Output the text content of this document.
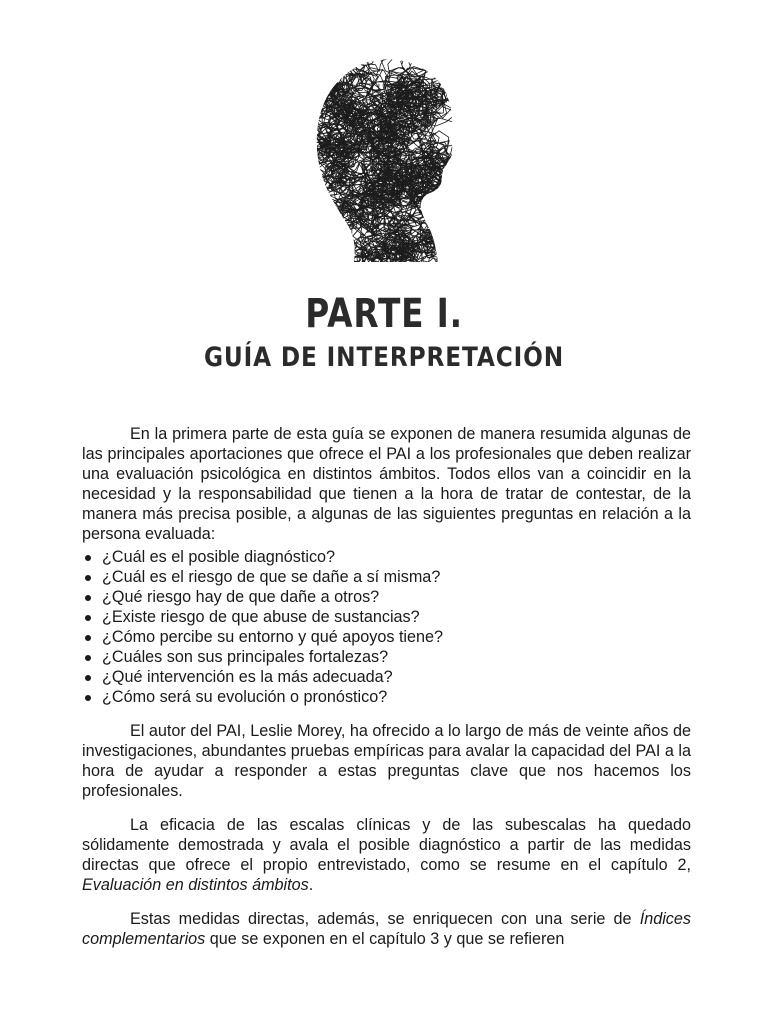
PARTE I.
GUÍA DE INTERPRETACIÓN

En la primera parte de esta guía se exponen de manera resumida algunas de las principales aportaciones que ofrece el PAI a los profesionales que deben realizar una evaluación psicológica en distintos ámbitos. Todos ellos van a coincidir en la necesidad y la responsabilidad que tienen a la hora de tratar de contestar, de la manera más precisa posible, a algunas de las siguientes preguntas en relación a la persona evaluada:

¿Cuál es el posible diagnóstico?
¿Cuál es el riesgo de que se dañe a sí misma?
¿Qué riesgo hay de que dañe a otros?
¿Existe riesgo de que abuse de sustancias?
¿Cómo percibe su entorno y qué apoyos tiene?
¿Cuáles son sus principales fortalezas?
¿Qué intervención es la más adecuada?
¿Cómo será su evolución o pronóstico?

El autor del PAI, Leslie Morey, ha ofrecido a lo largo de más de veinte años de investigaciones, abundantes pruebas empíricas para avalar la capacidad del PAI a la hora de ayudar a responder a estas preguntas clave que nos hacemos los profesionales.

La eficacia de las escalas clínicas y de las subescalas ha quedado sólidamente demostrada y avala el posible diagnóstico a partir de las medidas directas que ofrece el propio entrevistado, como se resume en el capítulo 2, Evaluación en distintos ámbitos.

Estas medidas directas, además, se enriquecen con una serie de Índices complementarios que se exponen en el capítulo 3 y que se refieren
